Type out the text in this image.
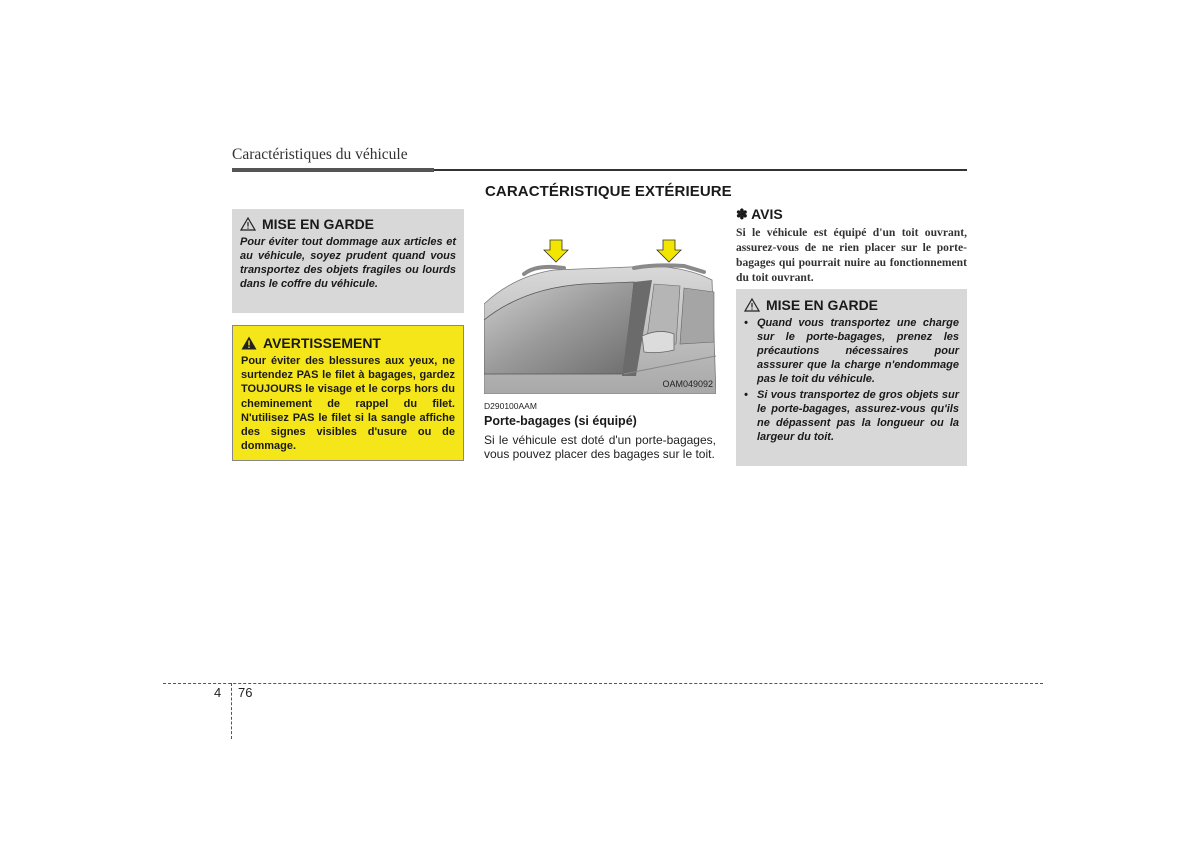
Caractéristiques du véhicule
CARACTÉRISTIQUE EXTÉRIEURE
MISE EN GARDE
Pour éviter tout dommage aux articles et au véhicule, soyez prudent quand vous transportez des objets fragiles ou lourds dans le coffre du véhicule.
AVERTISSEMENT
Pour éviter des blessures aux yeux, ne surtendez PAS le filet à bagages, gardez TOUJOURS le visage et le corps hors du cheminement de rappel du filet. N'utilisez PAS le filet si la sangle affiche des signes visibles d'usure ou de dommage.
OAM049092
D290100AAM
Porte-bagages (si équipé)
Si le véhicule est doté d'un porte-bagages, vous pouvez placer des bagages sur le toit.
✽ AVIS
Si le véhicule est équipé d'un toit ouvrant, assurez-vous de ne rien placer sur le porte-bagages qui pourrait nuire au fonctionnement du toit ouvrant.
MISE EN GARDE
• Quand vous transportez une charge sur le porte-bagages, prenez les précautions nécessaires pour asssurer que la charge n'endommage pas le toit du véhicule.
• Si vous transportez de gros objets sur le porte-bagages, assurez-vous qu'ils ne dépassent pas la longueur ou la largeur du toit.
4 76
